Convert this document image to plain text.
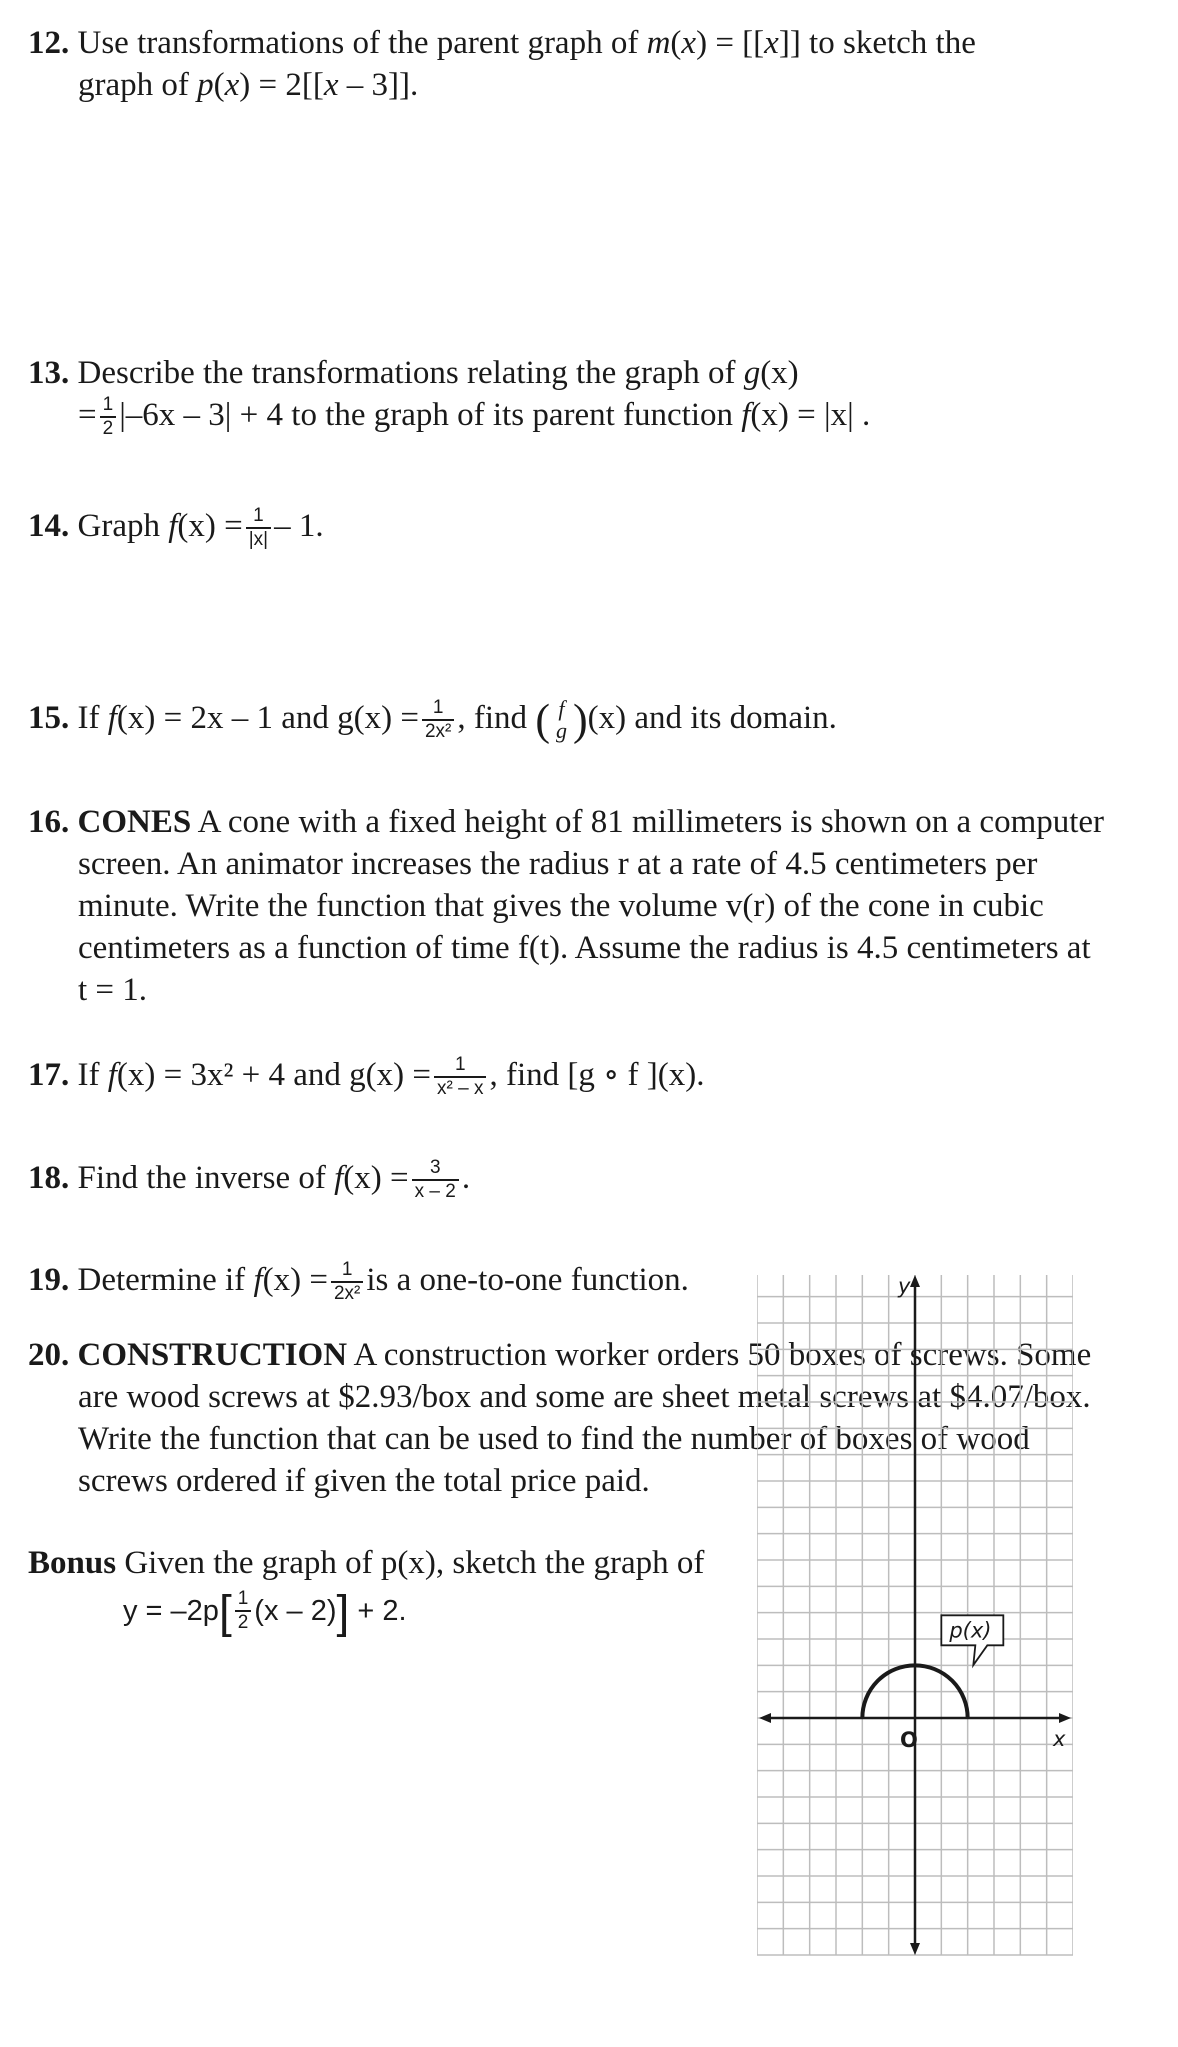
12. Use transformations of the parent graph of m(x) = [[x]] to sketch the
graph of p(x) = 2[[x – 3]].
13. Describe the transformations relating the graph of g(x)
= $\frac{1}{2} |-6x - 3| + 4$ to the graph of its parent function f(x) = |x| .
14. Graph $f(x) = \frac{1}{|x|} - 1$.
15. If f(x) = 2x – 1 and $g(x) = \frac{1}{\text{2x²}}$ , find ( f
g )(x) and its domain.
16. CONES A cone with a fixed height of 81 millimeters is shown on a computer screen. An animator increases the radius r at a rate of 4.5 centimeters per minute. Write the function that gives the volume v(r) of the cone in cubic centimeters as a function of time f(t). Assume the radius is 4.5 centimeters at t = 1.
17. If f(x) = 3x² + 4 and $g(x) = \frac{1}{\text{x² – x}}$ , find [g ∘ f ](x).
18. Find the inverse of $f(x) = \frac{3}{x - 2}$ .
19. Determine if $f(x) = \frac{1}{\text{2x²}}$ is a one-to-one function.
20. CONSTRUCTION A construction worker orders 50 boxes of screws. Some are wood screws at $2.93/box and some are sheet metal screws at $4.07/box. Write the function that can be used to find the number of boxes of wood screws ordered if given the total price paid.
Bonus Given the graph of p(x), sketch the graph of
$y = -2p[ \frac{1}{2} (x - 2)] + 2$.
p(x)
y
x
O
